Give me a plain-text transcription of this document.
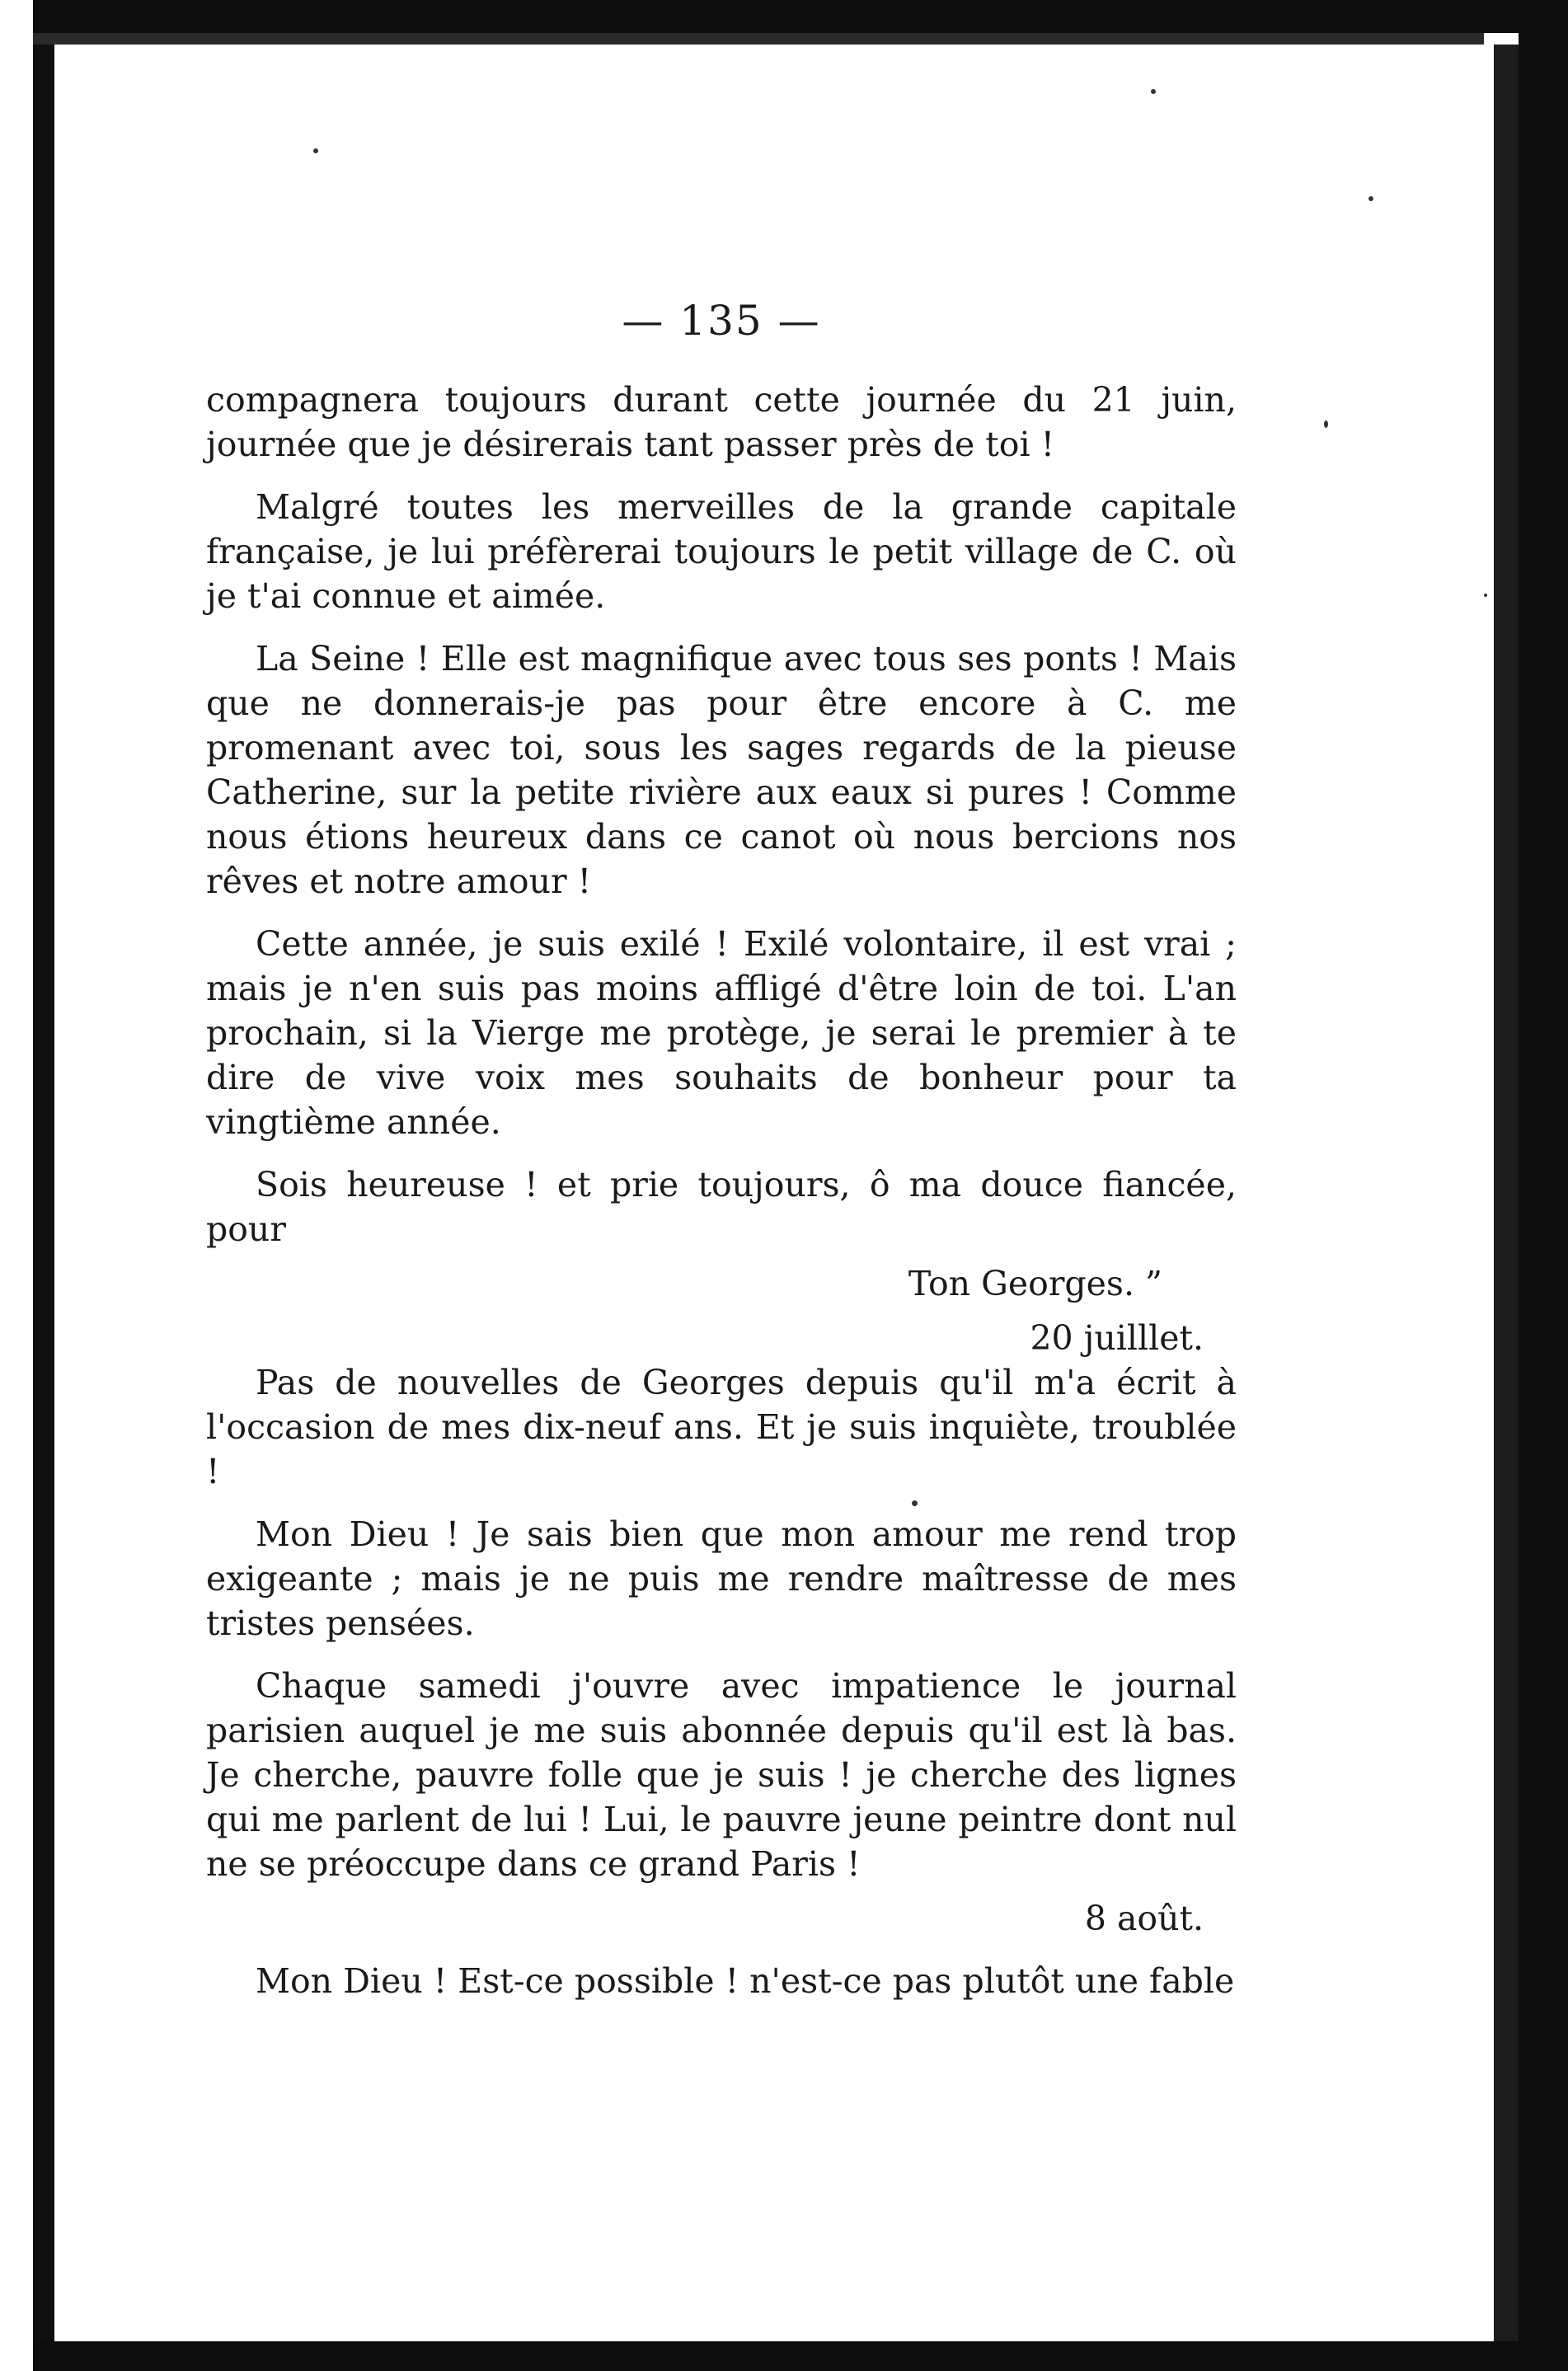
— 135 —

compagnera toujours durant cette journée du 21 juin, journée que je désirerais tant passer près de toi !

Malgré toutes les merveilles de la grande capitale française, je lui préfèrerai toujours le petit village de C. où je t'ai connue et aimée.

La Seine ! Elle est magnifique avec tous ses ponts ! Mais que ne donnerais-je pas pour être encore à C. me promenant avec toi, sous les sages regards de la pieuse Catherine, sur la petite rivière aux eaux si pures ! Comme nous étions heureux dans ce canot où nous bercions nos rêves et notre amour !

Cette année, je suis exilé ! Exilé volontaire, il est vrai ; mais je n'en suis pas moins affligé d'être loin de toi. L'an prochain, si la Vierge me protège, je serai le premier à te dire de vive voix mes souhaits de bonheur pour ta vingtième année.

Sois heureuse ! et prie toujours, ô ma douce fiancée, pour

Ton Georges. ”
20 juilllet.

Pas de nouvelles de Georges depuis qu'il m'a écrit à l'occasion de mes dix-neuf ans. Et je suis inquiète, troublée !

Mon Dieu ! Je sais bien que mon amour me rend trop exigeante ; mais je ne puis me rendre maîtresse de mes tristes pensées.

Chaque samedi j'ouvre avec impatience le journal parisien auquel je me suis abonnée depuis qu'il est là bas. Je cherche, pauvre folle que je suis ! je cherche des lignes qui me parlent de lui ! Lui, le pauvre jeune peintre dont nul ne se préoccupe dans ce grand Paris !

8 août.

Mon Dieu ! Est-ce possible ! n'est-ce pas plutôt une fable
